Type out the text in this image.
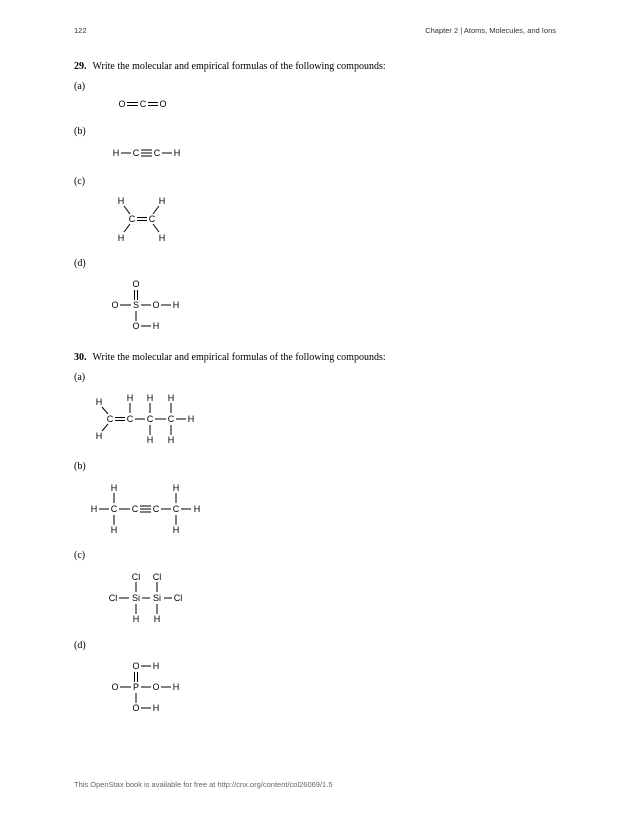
122	Chapter 2 | Atoms, Molecules, and Ions
29. Write the molecular and empirical formulas of the following compounds:
(a)
O C O
(b)
H C C H
(c)
H	H
C C
H	H
(d)
O
O S O H
O H
30. Write the molecular and empirical formulas of the following compounds:
(a)
H
C
H
C
H
C
H
H
C
H
H
H
(b)
H C
H
H
C C C
H
H
H
(c)
Cl Cl
Cl Si Si Cl
H H
(d)
O H
O P O H
O H
This OpenStax book is available for free at http://cnx.org/content/col26069/1.5
